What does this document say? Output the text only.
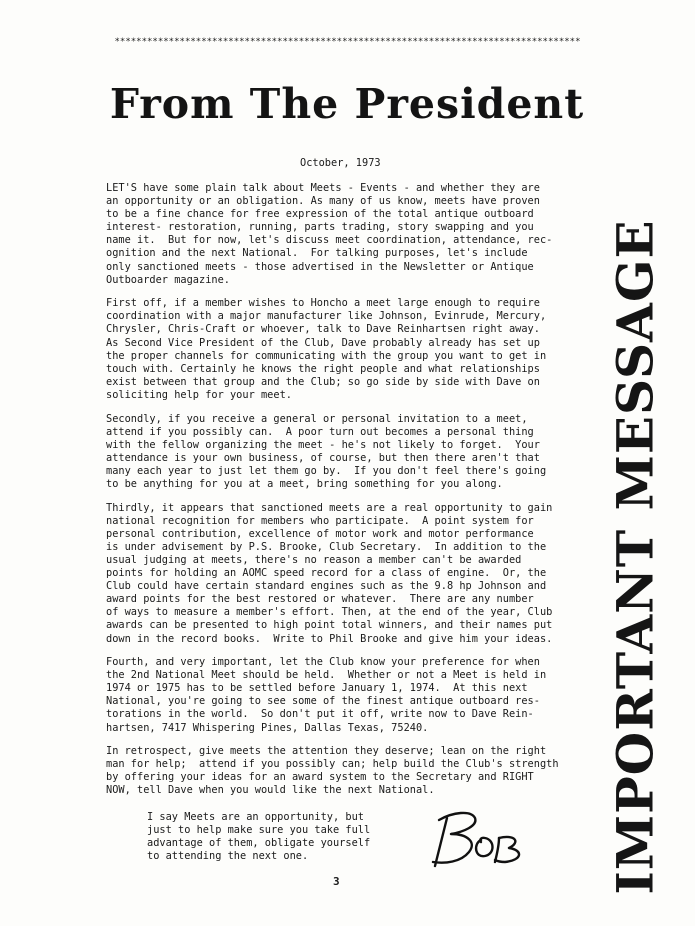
**************************************************************************************
From The President
October, 1973
LET'S have some plain talk about Meets - Events - and whether they are
an opportunity or an obligation. As many of us know, meets have proven
to be a fine chance for free expression of the total antique outboard
interest- restoration, running, parts trading, story swapping and you
name it.  But for now, let's discuss meet coordination, attendance, rec-
ognition and the next National.  For talking purposes, let's include
only sanctioned meets - those advertised in the Newsletter or Antique
Outboarder magazine.
First off, if a member wishes to Honcho a meet large enough to require
coordination with a major manufacturer like Johnson, Evinrude, Mercury,
Chrysler, Chris-Craft or whoever, talk to Dave Reinhartsen right away.
As Second Vice President of the Club, Dave probably already has set up
the proper channels for communicating with the group you want to get in
touch with. Certainly he knows the right people and what relationships
exist between that group and the Club; so go side by side with Dave on
soliciting help for your meet.
Secondly, if you receive a general or personal invitation to a meet,
attend if you possibly can.  A poor turn out becomes a personal thing
with the fellow organizing the meet - he's not likely to forget.  Your
attendance is your own business, of course, but then there aren't that
many each year to just let them go by.  If you don't feel there's going
to be anything for you at a meet, bring something for you along.
Thirdly, it appears that sanctioned meets are a real opportunity to gain
national recognition for members who participate.  A point system for
personal contribution, excellence of motor work and motor performance
is under advisement by P.S. Brooke, Club Secretary.  In addition to the
usual judging at meets, there's no reason a member can't be awarded
points for holding an AOMC speed record for a class of engine.  Or, the
Club could have certain standard engines such as the 9.8 hp Johnson and
award points for the best restored or whatever.  There are any number
of ways to measure a member's effort. Then, at the end of the year, Club
awards can be presented to high point total winners, and their names put
down in the record books.  Write to Phil Brooke and give him your ideas.
Fourth, and very important, let the Club know your preference for when
the 2nd National Meet should be held.  Whether or not a Meet is held in
1974 or 1975 has to be settled before January 1, 1974.  At this next
National, you're going to see some of the finest antique outboard res-
torations in the world.  So don't put it off, write now to Dave Rein-
hartsen, 7417 Whispering Pines, Dallas Texas, 75240.
In retrospect, give meets the attention they deserve; lean on the right
man for help;  attend if you possibly can; help build the Club's strength
by offering your ideas for an award system to the Secretary and RIGHT
NOW, tell Dave when you would like the next National.
I say Meets are an opportunity, but
just to help make sure you take full
advantage of them, obligate yourself
to attending the next one.
3	IMPORTANT MESSAGE
